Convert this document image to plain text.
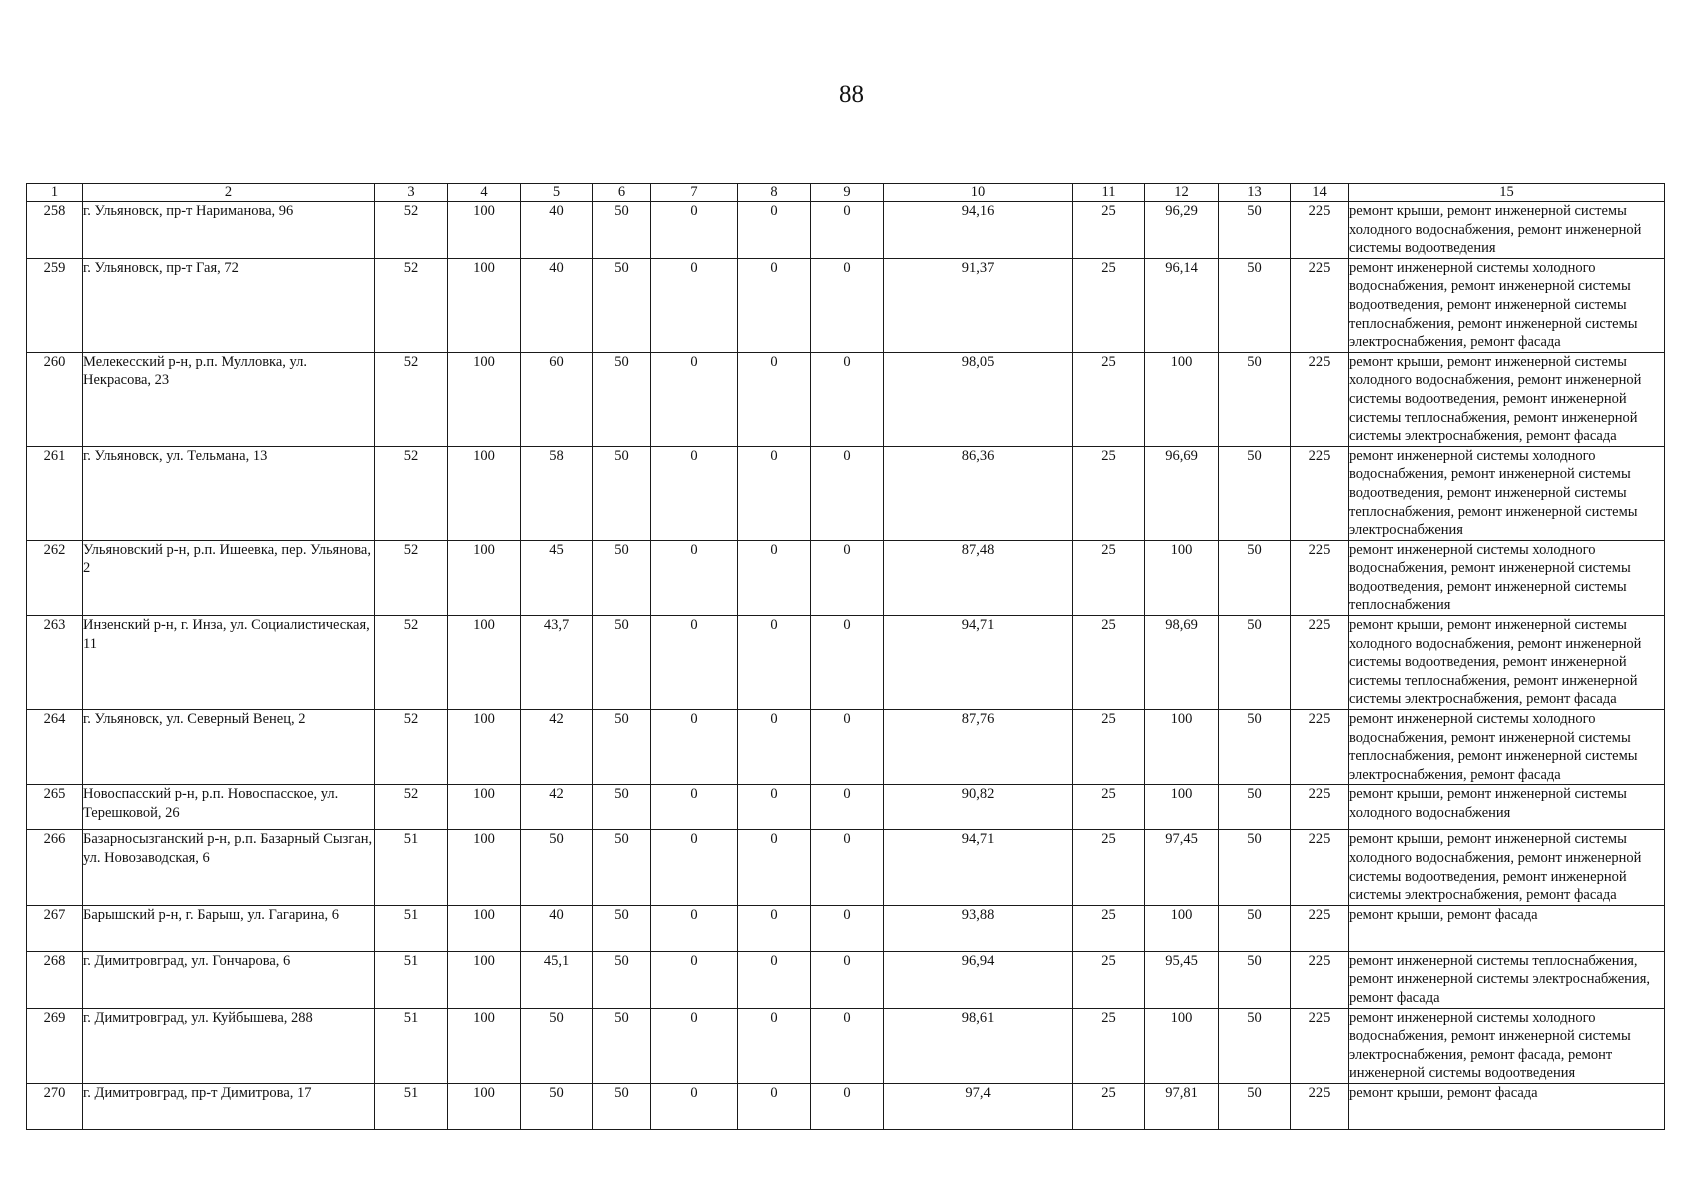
88
1	2	3	4	5	6	7	8	9	10	11	12	13	14	15
258	г. Ульяновск, пр-т Нариманова, 96	52	100	40	50	0	0	0	94,16	25	96,29	50	225	ремонт крыши, ремонт инженерной системы холодного водоснабжения, ремонт инженерной системы водоотведения
259	г. Ульяновск, пр-т Гая, 72	52	100	40	50	0	0	0	91,37	25	96,14	50	225	ремонт инженерной системы холодного водоснабжения, ремонт инженерной системы водоотведения, ремонт инженерной системы теплоснабжения, ремонт инженерной системы электроснабжения, ремонт фасада
260	Мелекесский р-н, р.п. Мулловка, ул. Некрасова, 23	52	100	60	50	0	0	0	98,05	25	100	50	225	ремонт крыши, ремонт инженерной системы холодного водоснабжения, ремонт инженерной системы водоотведения, ремонт инженерной системы теплоснабжения, ремонт инженерной системы электроснабжения, ремонт фасада
261	г. Ульяновск, ул. Тельмана, 13	52	100	58	50	0	0	0	86,36	25	96,69	50	225	ремонт инженерной системы холодного водоснабжения, ремонт инженерной системы водоотведения, ремонт инженерной системы теплоснабжения, ремонт инженерной системы электроснабжения
262	Ульяновский р-н, р.п. Ишеевка, пер. Ульянова, 2	52	100	45	50	0	0	0	87,48	25	100	50	225	ремонт инженерной системы холодного водоснабжения, ремонт инженерной системы водоотведения, ремонт инженерной системы теплоснабжения
263	Инзенский р-н, г. Инза, ул. Социалистическая, 11	52	100	43,7	50	0	0	0	94,71	25	98,69	50	225	ремонт крыши, ремонт инженерной системы холодного водоснабжения, ремонт инженерной системы водоотведения, ремонт инженерной системы теплоснабжения, ремонт инженерной системы электроснабжения, ремонт фасада
264	г. Ульяновск, ул. Северный Венец, 2	52	100	42	50	0	0	0	87,76	25	100	50	225	ремонт инженерной системы холодного водоснабжения, ремонт инженерной системы теплоснабжения, ремонт инженерной системы электроснабжения, ремонт фасада
265	Новоспасский р-н, р.п. Новоспасское, ул. Терешковой, 26	52	100	42	50	0	0	0	90,82	25	100	50	225	ремонт крыши, ремонт инженерной системы холодного водоснабжения
266	Базарносызганский р-н, р.п. Базарный Сызган, ул. Новозаводская, 6	51	100	50	50	0	0	0	94,71	25	97,45	50	225	ремонт крыши, ремонт инженерной системы холодного водоснабжения, ремонт инженерной системы водоотведения, ремонт инженерной системы электроснабжения, ремонт фасада
267	Барышский р-н, г. Барыш, ул. Гагарина, 6	51	100	40	50	0	0	0	93,88	25	100	50	225	ремонт крыши, ремонт фасада
268	г. Димитровград, ул. Гончарова, 6	51	100	45,1	50	0	0	0	96,94	25	95,45	50	225	ремонт инженерной системы теплоснабжения, ремонт инженерной системы электроснабжения, ремонт фасада
269	г. Димитровград, ул. Куйбышева, 288	51	100	50	50	0	0	0	98,61	25	100	50	225	ремонт инженерной системы холодного водоснабжения, ремонт инженерной системы электроснабжения, ремонт фасада, ремонт инженерной системы водоотведения
270	г. Димитровград, пр-т Димитрова, 17	51	100	50	50	0	0	0	97,4	25	97,81	50	225	ремонт крыши, ремонт фасада
